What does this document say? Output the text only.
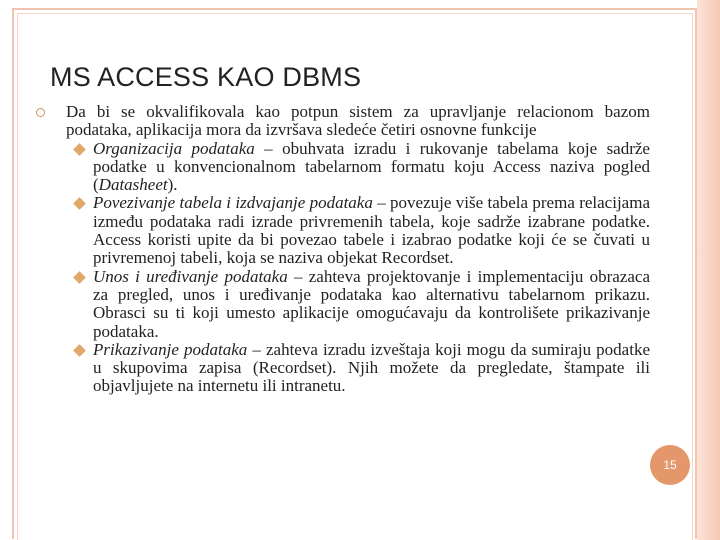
MS ACCESS KAO DBMS

Da bi se okvalifikovala kao potpun sistem za upravljanje relacionom bazom podataka, aplikacija mora da izvršava sledeće četiri osnovne funkcije

Organizacija podataka – obuhvata izradu i rukovanje tabelama koje sadrže podatke u konvencionalnom tabelarnom formatu koju Access naziva pogled (Datasheet).
Povezivanje tabela i izdvajanje podataka – povezuje više tabela prema relacijama između podataka radi izrade privremenih tabela, koje sadrže izabrane podatke. Access koristi upite da bi povezao tabele i izabrao podatke koji će se čuvati u privremenoj tabeli, koja se naziva objekat Recordset.
Unos i uređivanje podataka – zahteva projektovanje i implementaciju obrazaca za pregled, unos i uređivanje podataka kao alternativu tabelarnom prikazu. Obrasci su ti koji umesto aplikacije omogućavaju da kontrolišete prikazivanje podataka.
Prikazivanje podataka – zahteva izradu izveštaja koji mogu da sumiraju podatke u skupovima zapisa (Recordset). Njih možete da pregledate, štampate ili objavljujete na internetu ili intranetu.
15
